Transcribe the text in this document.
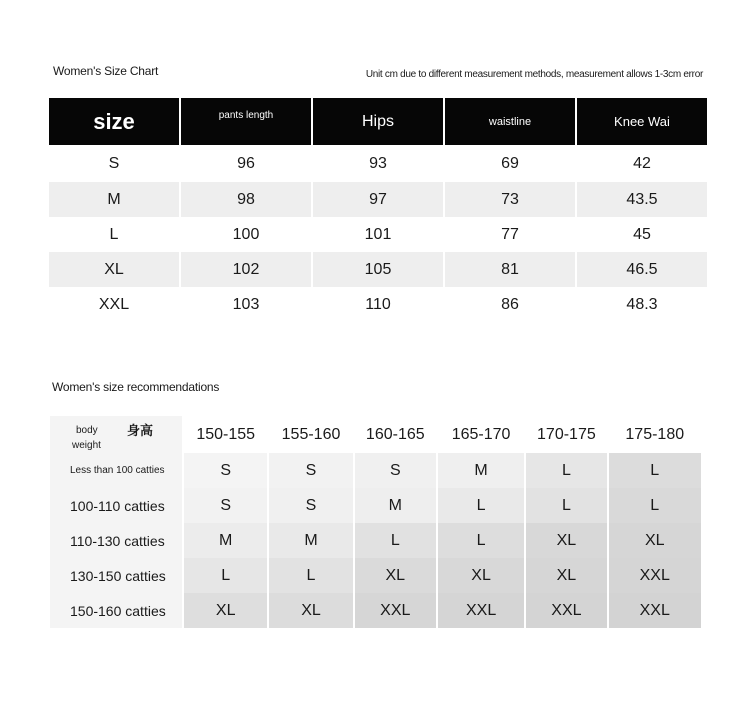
Women's Size Chart	Unit cm due to different measurement methods, measurement allows 1-3cm error
size	pants length	Hips	waistline	Knee Wai
S	96	93	69	42
M	98	97	73	43.5
L	100	101	77	45
XL	102	105	81	46.5
XXL	103	110	86	48.3
Women's size recommendations
body
weight
身高	150-155	155-160	160-165	165-170	170-175	175-180
Less than 100 catties	S	S	S	M	L	L
100-110 catties	S	S	M	L	L	L
110-130 catties	M	M	L	L	XL	XL
130-150 catties	L	L	XL	XL	XL	XXL
150-160 catties	XL	XL	XXL	XXL	XXL	XXL
